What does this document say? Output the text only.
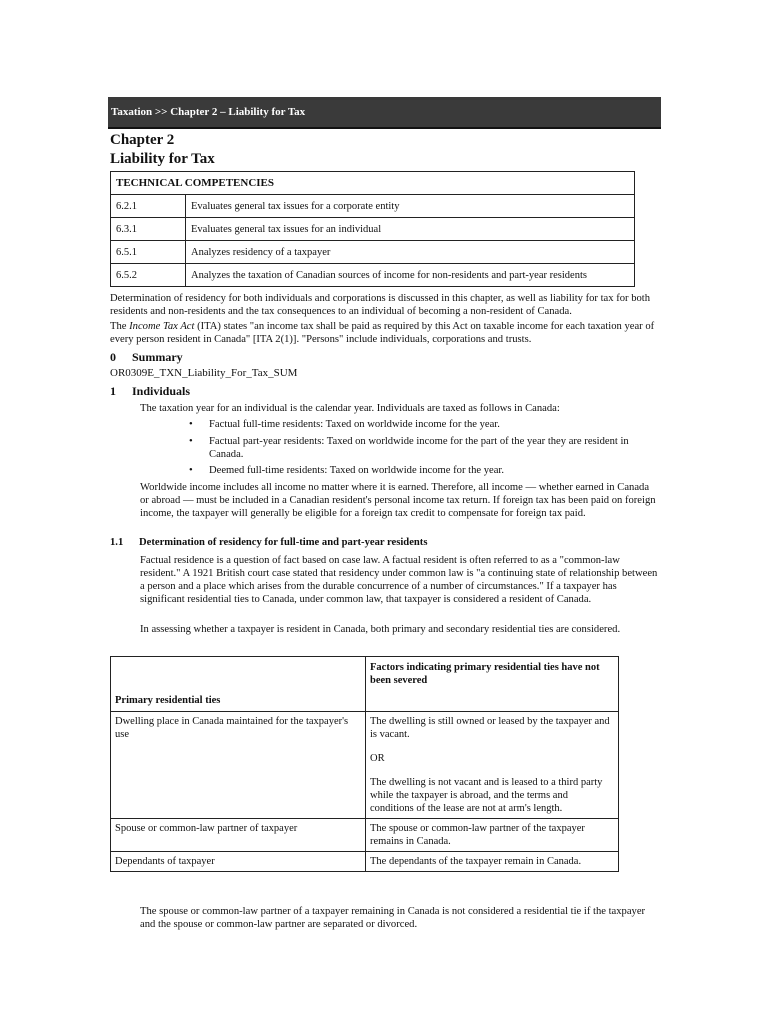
Taxation >> Chapter 2 – Liability for Tax
Chapter 2
Liability for Tax
TECHNICAL COMPETENCIES	
6.2.1	Evaluates general tax issues for a corporate entity
6.3.1	Evaluates general tax issues for an individual
6.5.1	Analyzes residency of a taxpayer
6.5.2	Analyzes the taxation of Canadian sources of income for non-residents and part-year residents

Determination of residency for both individuals and corporations is discussed in this chapter, as well as liability for tax for both residents and non-residents and the tax consequences to an individual of becoming a non-resident of Canada.

The Income Tax Act (ITA) states "an income tax shall be paid as required by this Act on taxable income for each taxation year of every person resident in Canada" [ITA 2(1)]. "Persons" include individuals, corporations and trusts.

0 Summary
OR0309E_TXN_Liability_For_Tax_SUM
1 Individuals

The taxation year for an individual is the calendar year. Individuals are taxed as follows in Canada:

• Factual full-time residents: Taxed on worldwide income for the year.
• Factual part-year residents: Taxed on worldwide income for the part of the year they are resident in Canada.
• Deemed full-time residents: Taxed on worldwide income for the year.

Worldwide income includes all income no matter where it is earned. Therefore, all income — whether earned in Canada or abroad — must be included in a Canadian resident's personal income tax return. If foreign tax has been paid on foreign income, the taxpayer will generally be eligible for a foreign tax credit to compensate for foreign tax paid.

1.1 Determination of residency for full-time and part-year residents

Factual residence is a question of fact based on case law. A factual resident is often referred to as a "common-law resident." A 1921 British court case stated that residency under common law is "a continuing state of relationship between a person and a place which arises from the durable concurrence of a number of circumstances." If a taxpayer has significant residential ties to Canada, under common law, that taxpayer is considered a resident of Canada.

In assessing whether a taxpayer is resident in Canada, both primary and secondary residential ties are considered.

Primary residential ties	Factors indicating primary residential ties have not been severed
Dwelling place in Canada maintained for the taxpayer's use	The dwelling is still owned or leased by the taxpayer and is vacant.

OR

The dwelling is not vacant and is leased to a third party while the taxpayer is abroad, and the terms and conditions of the lease are not at arm's length.

Spouse or common-law partner of taxpayer	The spouse or common-law partner of the taxpayer remains in Canada.

Dependants of taxpayer	The dependants of the taxpayer remain in Canada.

The spouse or common-law partner of a taxpayer remaining in Canada is not considered a residential tie if the taxpayer and the spouse or common-law partner are separated or divorced.
